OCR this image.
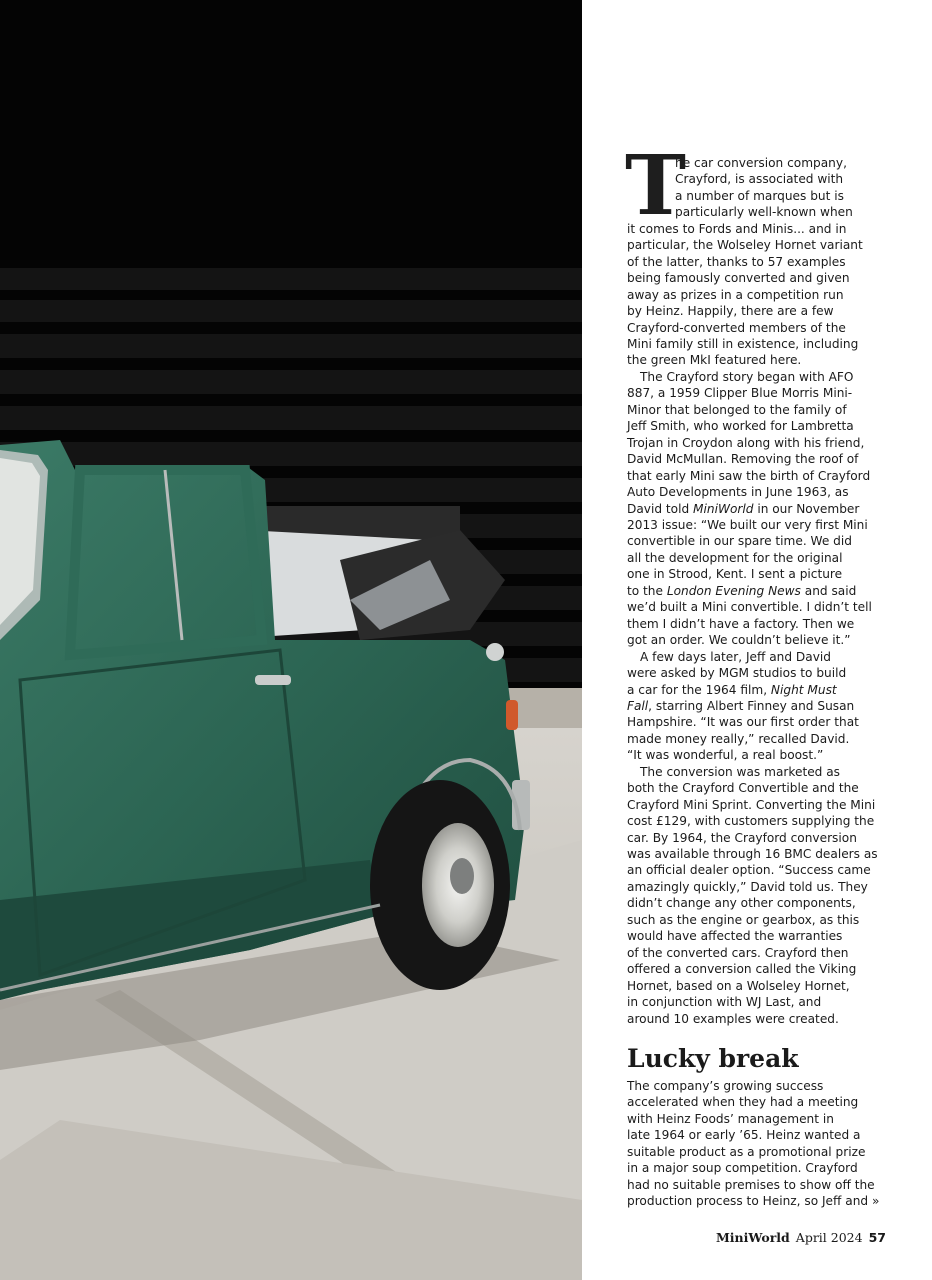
T
he car conversion company,
Crayford, is associated with
a number of marques but is
particularly well-known when
it comes to Fords and Minis... and in
particular, the Wolseley Hornet variant
of the latter, thanks to 57 examples
being famously converted and given
away as prizes in a competition run
by Heinz. Happily, there are a few
Crayford-converted members of the
Mini family still in existence, including
the green MkI featured here.
The Crayford story began with AFO
887, a 1959 Clipper Blue Morris Mini-
Minor that belonged to the family of
Jeff Smith, who worked for Lambretta
Trojan in Croydon along with his friend,
David McMullan. Removing the roof of
that early Mini saw the birth of Crayford
Auto Developments in June 1963, as
David told MiniWorld in our November
2013 issue: “We built our very first Mini
convertible in our spare time. We did
all the development for the original
one in Strood, Kent. I sent a picture
to the London Evening News and said
we’d built a Mini convertible. I didn’t tell
them I didn’t have a factory. Then we
got an order. We couldn’t believe it.”
A few days later, Jeff and David
were asked by MGM studios to build
a car for the 1964 film, Night Must
Fall, starring Albert Finney and Susan
Hampshire. “It was our first order that
made money really,” recalled David.
“It was wonderful, a real boost.”
The conversion was marketed as
both the Crayford Convertible and the
Crayford Mini Sprint. Converting the Mini
cost £129, with customers supplying the
car. By 1964, the Crayford conversion
was available through 16 BMC dealers as
an official dealer option. “Success came
amazingly quickly,” David told us. They
didn’t change any other components,
such as the engine or gearbox, as this
would have affected the warranties
of the converted cars. Crayford then
offered a conversion called the Viking
Hornet, based on a Wolseley Hornet,
in conjunction with WJ Last, and
around 10 examples were created.
Lucky break
The company’s growing success
accelerated when they had a meeting
with Heinz Foods’ management in
late 1964 or early ’65. Heinz wanted a
suitable product as a promotional prize
in a major soup competition. Crayford
had no suitable premises to show off the
production process to Heinz, so Jeff and »
MiniWorld April 2024 57
